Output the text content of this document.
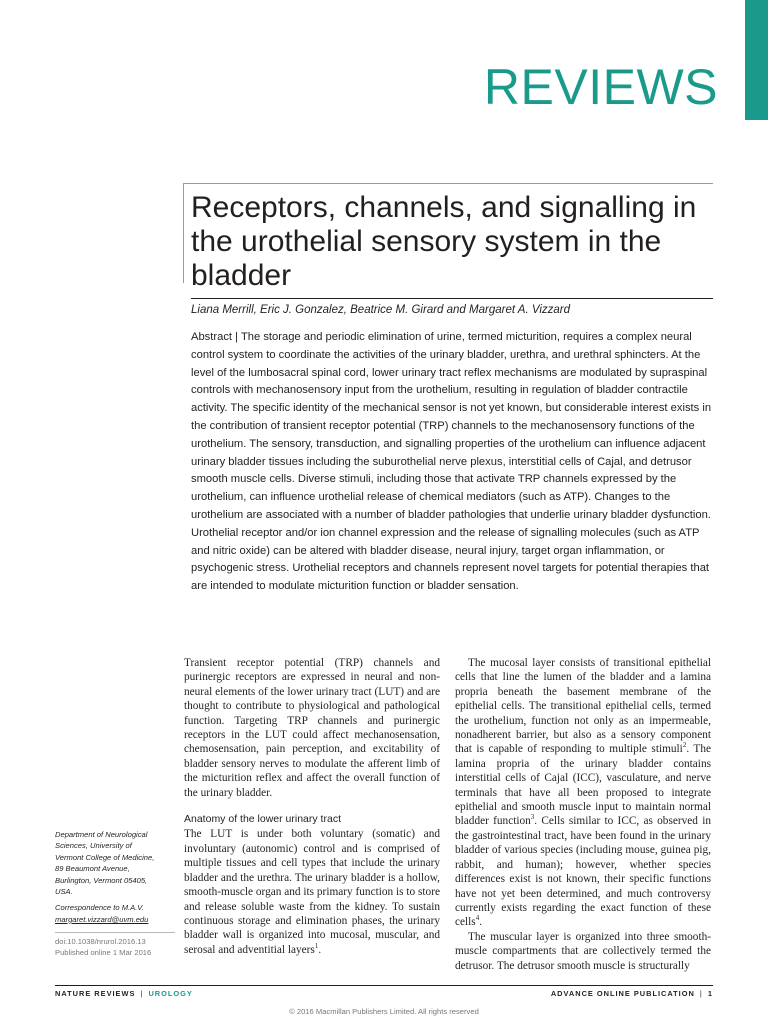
REVIEWS
Receptors, channels, and signalling in the urothelial sensory system in the bladder
Liana Merrill, Eric J. Gonzalez, Beatrice M. Girard and Margaret A. Vizzard
Abstract | The storage and periodic elimination of urine, termed micturition, requires a complex neural control system to coordinate the activities of the urinary bladder, urethra, and urethral sphincters. At the level of the lumbosacral spinal cord, lower urinary tract reflex mechanisms are modulated by supraspinal controls with mechanosensory input from the urothelium, resulting in regulation of bladder contractile activity. The specific identity of the mechanical sensor is not yet known, but considerable interest exists in the contribution of transient receptor potential (TRP) channels to the mechanosensory functions of the urothelium. The sensory, transduction, and signalling properties of the urothelium can influence adjacent urinary bladder tissues including the suburothelial nerve plexus, interstitial cells of Cajal, and detrusor smooth muscle cells. Diverse stimuli, including those that activate TRP channels expressed by the urothelium, can influence urothelial release of chemical mediators (such as ATP). Changes to the urothelium are associated with a number of bladder pathologies that underlie urinary bladder dysfunction. Urothelial receptor and/or ion channel expression and the release of signalling molecules (such as ATP and nitric oxide) can be altered with bladder disease, neural injury, target organ inflammation, or psychogenic stress. Urothelial receptors and channels represent novel targets for potential therapies that are intended to modulate micturition function or bladder sensation.

Transient receptor potential (TRP) channels and purinergic receptors are expressed in neural and non-neural elements of the lower urinary tract (LUT) and are thought to contribute to physiological and pathological function. Targeting TRP channels and purinergic receptors in the LUT could affect mechanosensation, chemosensation, pain perception, and excitability of bladder sensory nerves to modulate the afferent limb of the micturition reflex and affect the overall function of the urinary bladder.

Anatomy of the lower urinary tract

The LUT is under both voluntary (somatic) and involuntary (autonomic) control and is comprised of multiple tissues and cell types that include the urinary bladder and the urethra. The urinary bladder is a hollow, smooth-muscle organ and its primary function is to store and release soluble waste from the kidney. To sustain continuous storage and elimination phases, the urinary bladder wall is organized into mucosal, muscular, and serosal and adventitial layers$^1$.

The mucosal layer consists of transitional epithelial cells that line the lumen of the bladder and a lamina propria beneath the basement membrane of the epithelial cells. The transitional epithelial cells, termed the urothelium, function not only as an impermeable, nonadherent barrier, but also as a sensory component that is capable of responding to multiple stimuli$^2$. The lamina propria of the urinary bladder contains interstitial cells of Cajal (ICC), vasculature, and nerve terminals that have all been proposed to integrate epithelial and smooth muscle input to maintain normal bladder function$^3$. Cells similar to ICC, as observed in the gastrointestinal tract, have been found in the urinary bladder of various species (including mouse, guinea pig, rabbit, and human); however, whether species differences exist is not known, their specific functions have not yet been determined, and much controversy currently exists regarding the exact function of these cells$^4$.

The muscular layer is organized into three smooth-muscle compartments that are collectively termed the detrusor. The detrusor smooth muscle is structurally

Department of Neurological
Sciences, University of
Vermont College of Medicine,
89 Beaumont Avenue,
Burlington, Vermont 05405,
USA.
Correspondence to M.A.V.
margaret.vizzard@uvm.edu
doi:10.1038/nrurol.2016.13
Published online 1 Mar 2016
NATURE REVIEWS | UROLOGY	ADVANCE ONLINE PUBLICATION | 1
© 2016 Macmillan Publishers Limited. All rights reserved
